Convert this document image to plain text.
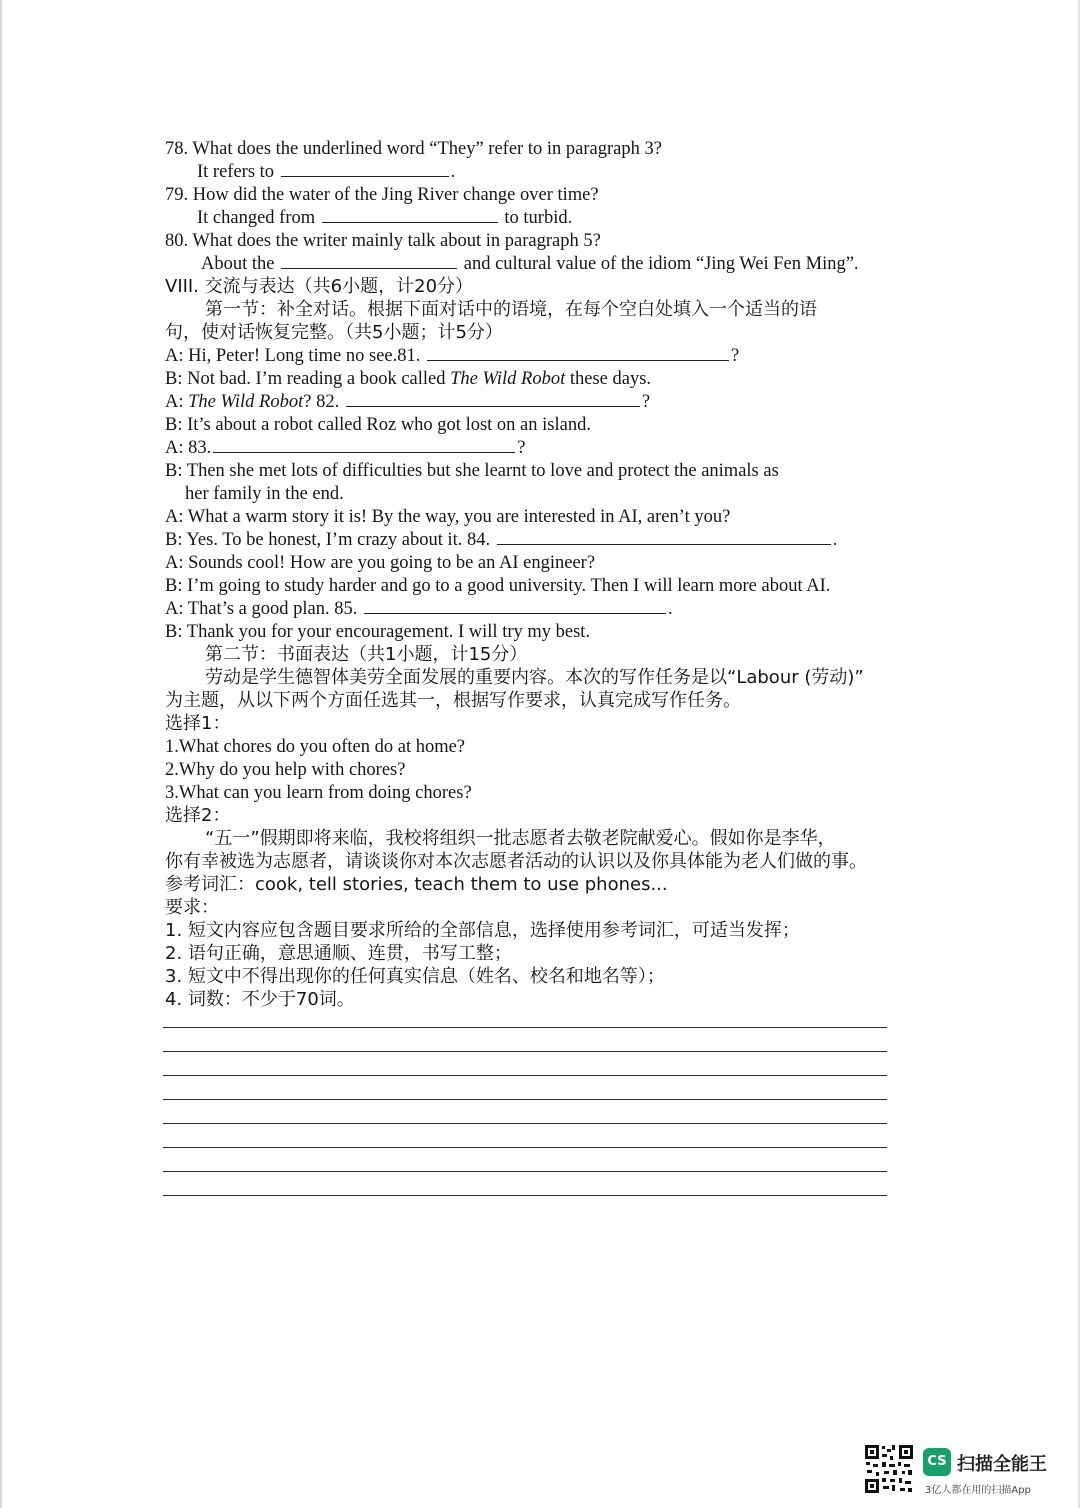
78. What does the underlined word “They” refer to in paragraph 3?
It refers to	.
79. How did the water of the Jing River change over time?
It changed from	to turbid.
80. What does the writer mainly talk about in paragraph 5?
About the	and cultural value of the idiom “Jing Wei Fen Ming”.
VIII. 交流与表达（共6小题，计20分）
第一节：补全对话。根据下面对话中的语境，在每个空白处填入一个适当的语
句，使对话恢复完整。（共5小题；计5分）
A: Hi, Peter! Long time no see.81.	?
B: Not bad. I’m reading a book called The Wild Robot these days.
A: The Wild Robot? 82.	?
B: It’s about a robot called Roz who got lost on an island.
A: 83.	?
B: Then she met lots of difficulties but she learnt to love and protect the animals as
her family in the end.
A: What a warm story it is! By the way, you are interested in AI, aren’t you?
B: Yes. To be honest, I’m crazy about it. 84.	.
A: Sounds cool! How are you going to be an AI engineer?
B: I’m going to study harder and go to a good university. Then I will learn more about AI.
A: That’s a good plan. 85.	.
B: Thank you for your encouragement. I will try my best.
第二节：书面表达（共1小题，计15分）
劳动是学生德智体美劳全面发展的重要内容。本次的写作任务是以“Labour (劳动)”
为主题，从以下两个方面任选其一，根据写作要求，认真完成写作任务。
选择1：
1.What chores do you often do at home?
2.Why do you help with chores?
3.What can you learn from doing chores?
选择2：
“五一”假期即将来临，我校将组织一批志愿者去敬老院献爱心。假如你是李华，
你有幸被选为志愿者，请谈谈你对本次志愿者活动的认识以及你具体能为老人们做的事。
参考词汇：cook, tell stories, teach them to use phones...
要求：
1. 短文内容应包含题目要求所给的全部信息，选择使用参考词汇，可适当发挥；
2. 语句正确，意思通顺、连贯，书写工整；
3. 短文中不得出现你的任何真实信息（姓名、校名和地名等）；
4. 词数：不少于70词。
CS 扫描全能王
3亿人都在用的扫描App
